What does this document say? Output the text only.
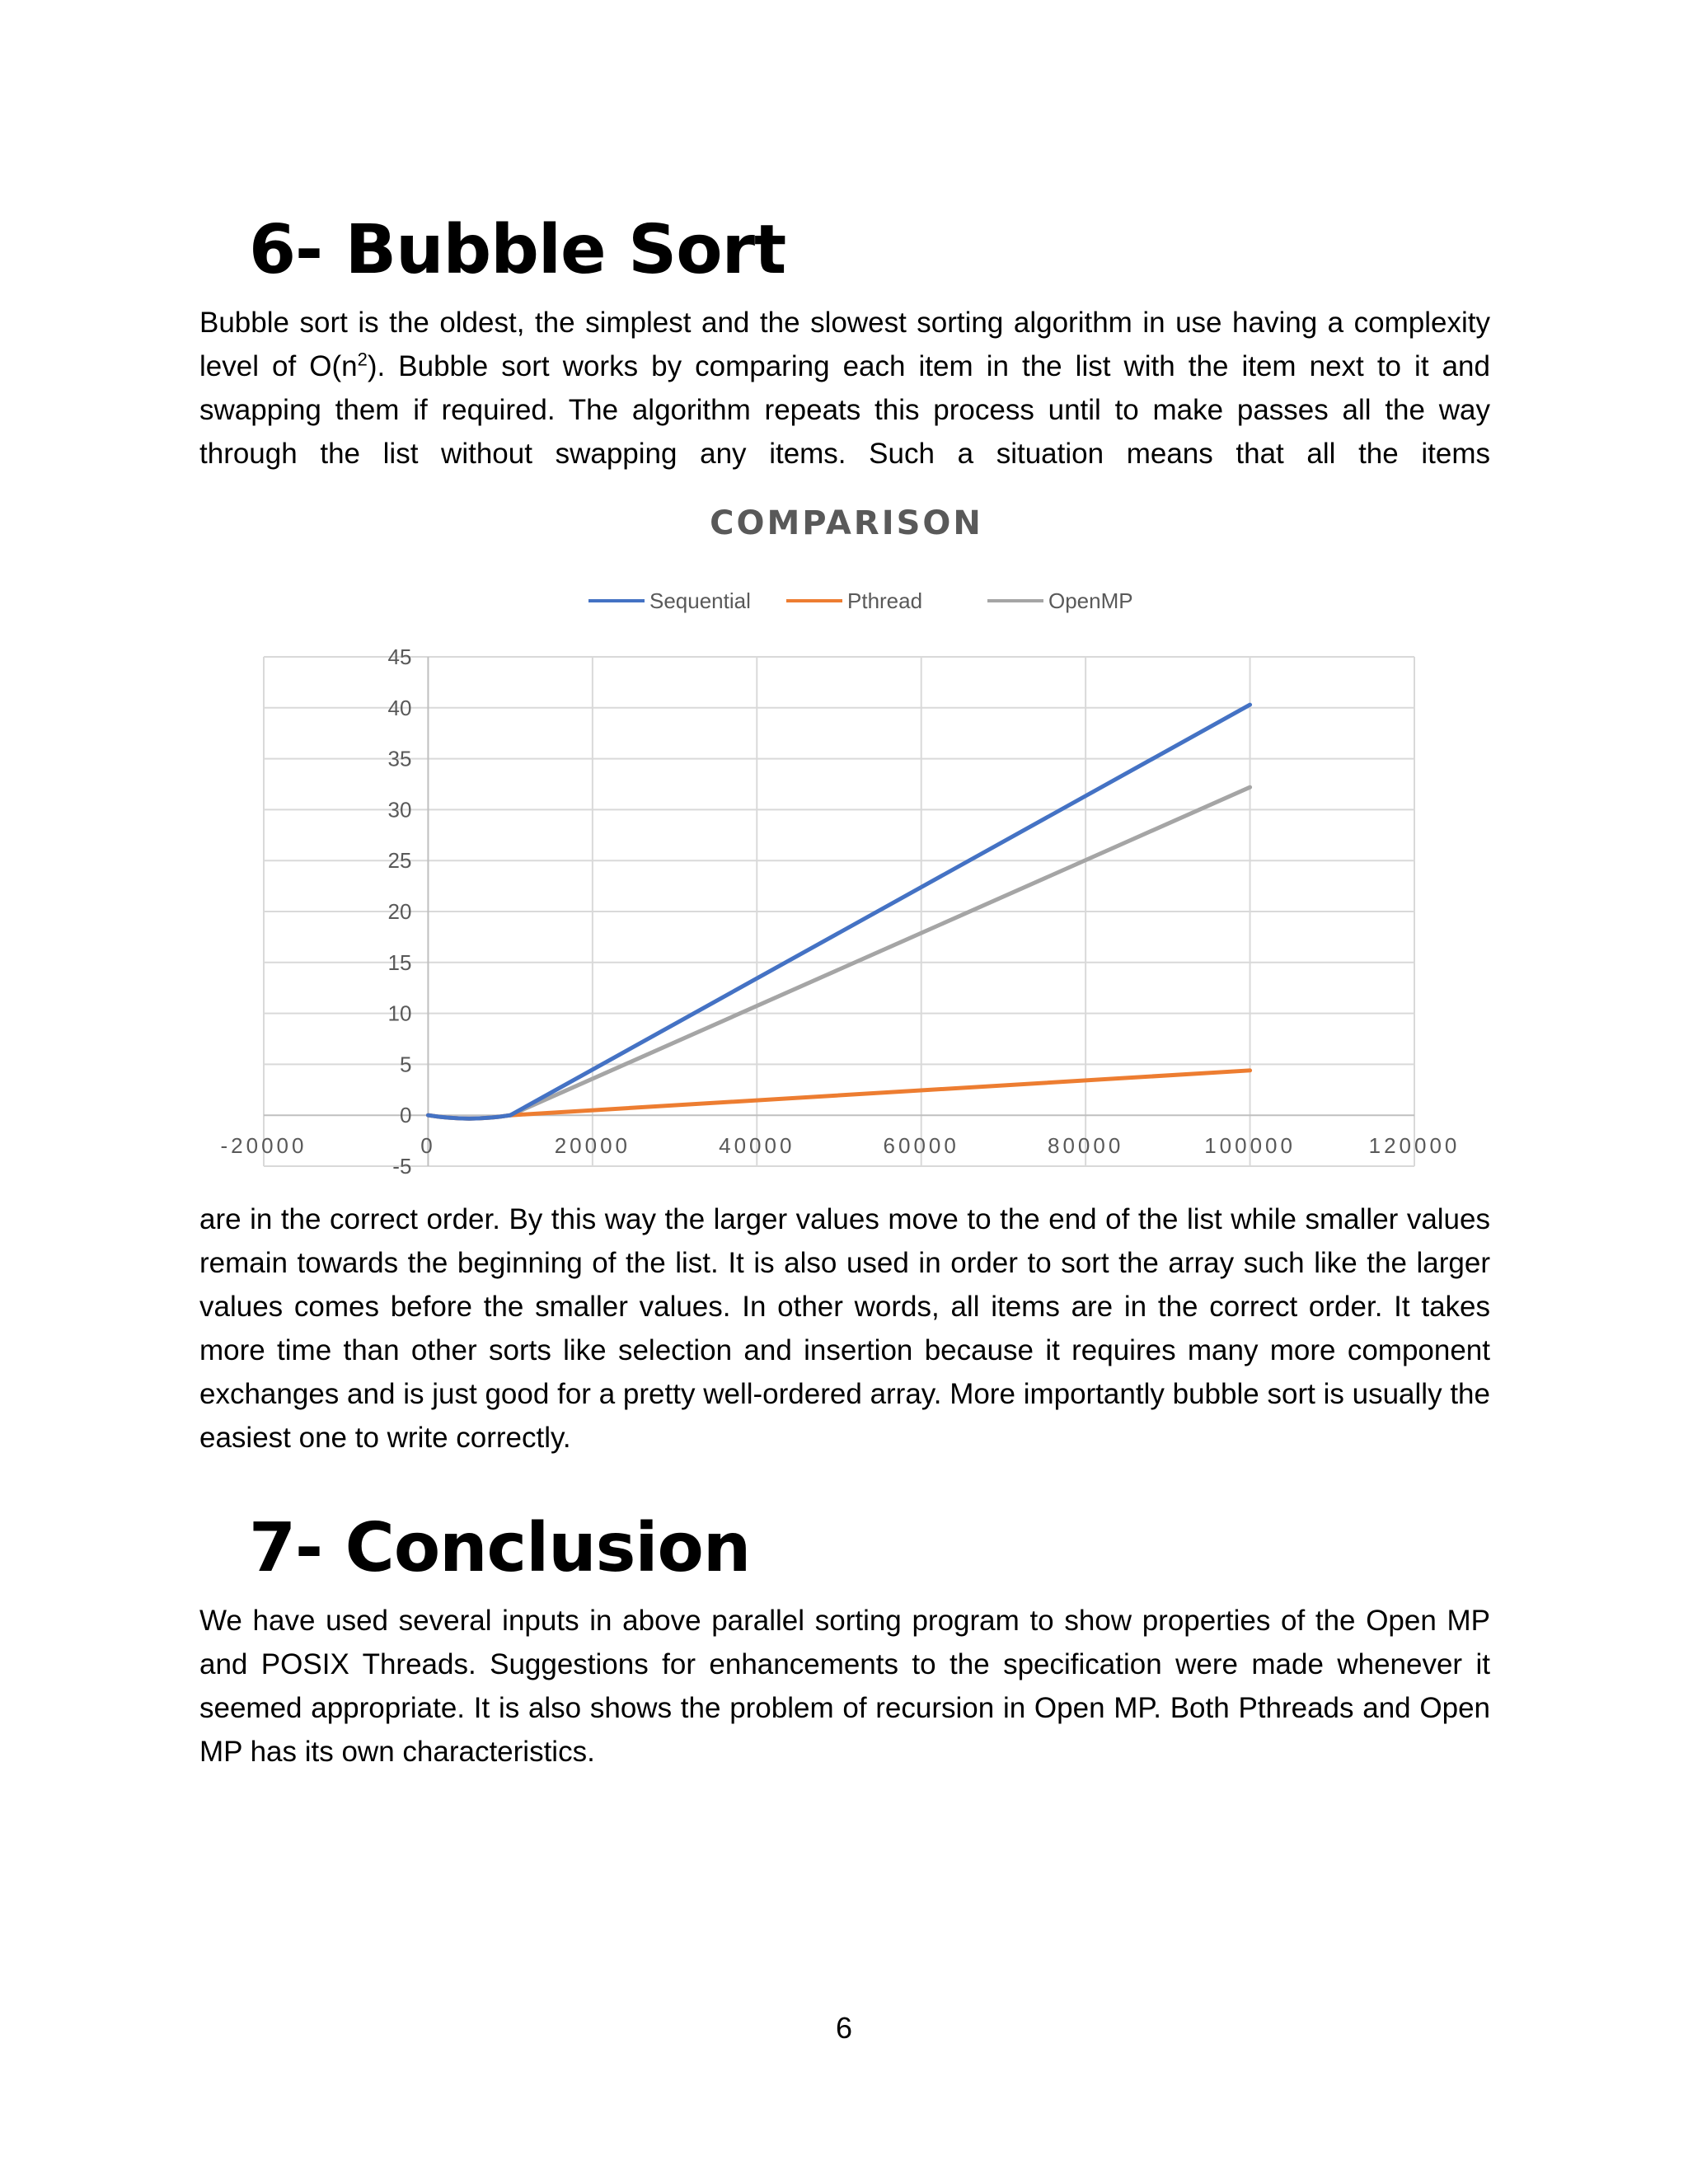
6- Bubble Sort

Bubble sort is the oldest, the simplest and the slowest sorting algorithm in use having a complexity level of $O(n^2)$. Bubble sort works by comparing each item in the list with the item next to it and swapping them if required. The algorithm repeats this process until to make passes all the way through the list without swapping any items. Such a situation means that all the items

COMPARISON
Sequential	Pthread	OpenMP
-5
0
5
10
15
20
25
30
35
40
45
-20000	0	20000	40000	60000	80000	100000	120000

are in the correct order. By this way the larger values move to the end of the list while smaller values remain towards the beginning of the list. It is also used in order to sort the array such like the larger values comes before the smaller values. In other words, all items are in the correct order. It takes more time than other sorts like selection and insertion because it requires many more component exchanges and is just good for a pretty well-ordered array. More importantly bubble sort is usually the easiest one to write correctly.

7- Conclusion

We have used several inputs in above parallel sorting program to show properties of the Open MP and POSIX Threads. Suggestions for enhancements to the specification were made whenever it seemed appropriate. It is also shows the problem of recursion in Open MP. Both Pthreads and Open MP has its own characteristics.

6
